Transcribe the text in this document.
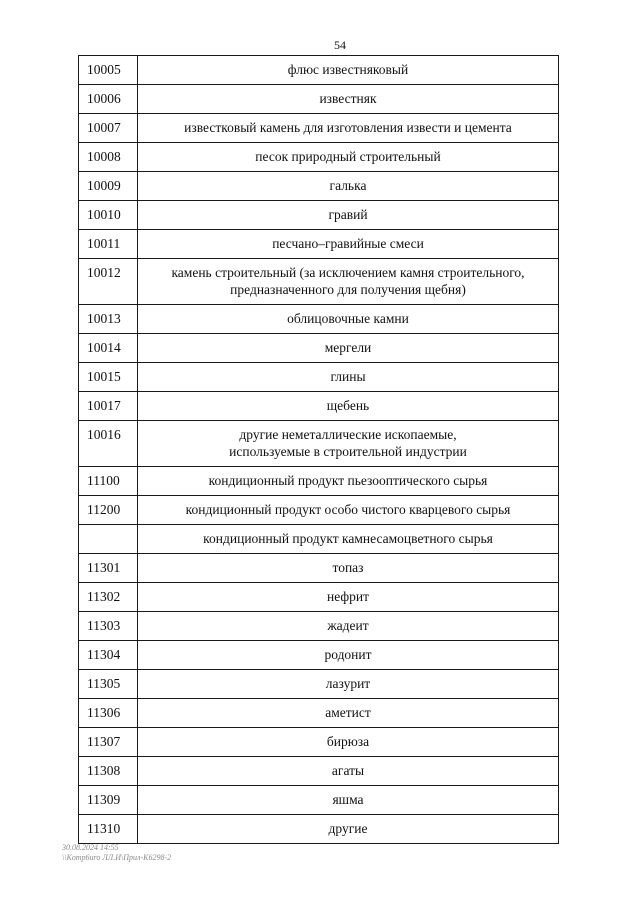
54
10005	флюс известняковый
10006	известняк
10007	известковый камень для изготовления извести и цемента
10008	песок природный строительный
10009	галька
10010	гравий
10011	песчано–гравийные смеси
10012	камень строительный (за исключением камня строительного,
предназначенного для получения щебня)
10013	облицовочные камни
10014	мергели
10015	глины
10017	щебень
10016	другие неметаллические ископаемые,
используемые в строительной индустрии
11100	кондиционный продукт пьезооптического сырья
11200	кондиционный продукт особо чистого кварцевого сырья
	кондиционный продукт камнесамоцветного сырья
11301	топаз
11302	нефрит
11303	жадеит
11304	родонит
11305	лазурит
11306	аметист
11307	бирюза
11308	агаты
11309	яшма
11310	другие
30.08.2024 14:55
\\Komp6uro ЛЛ.И\Прил-К6298-2
